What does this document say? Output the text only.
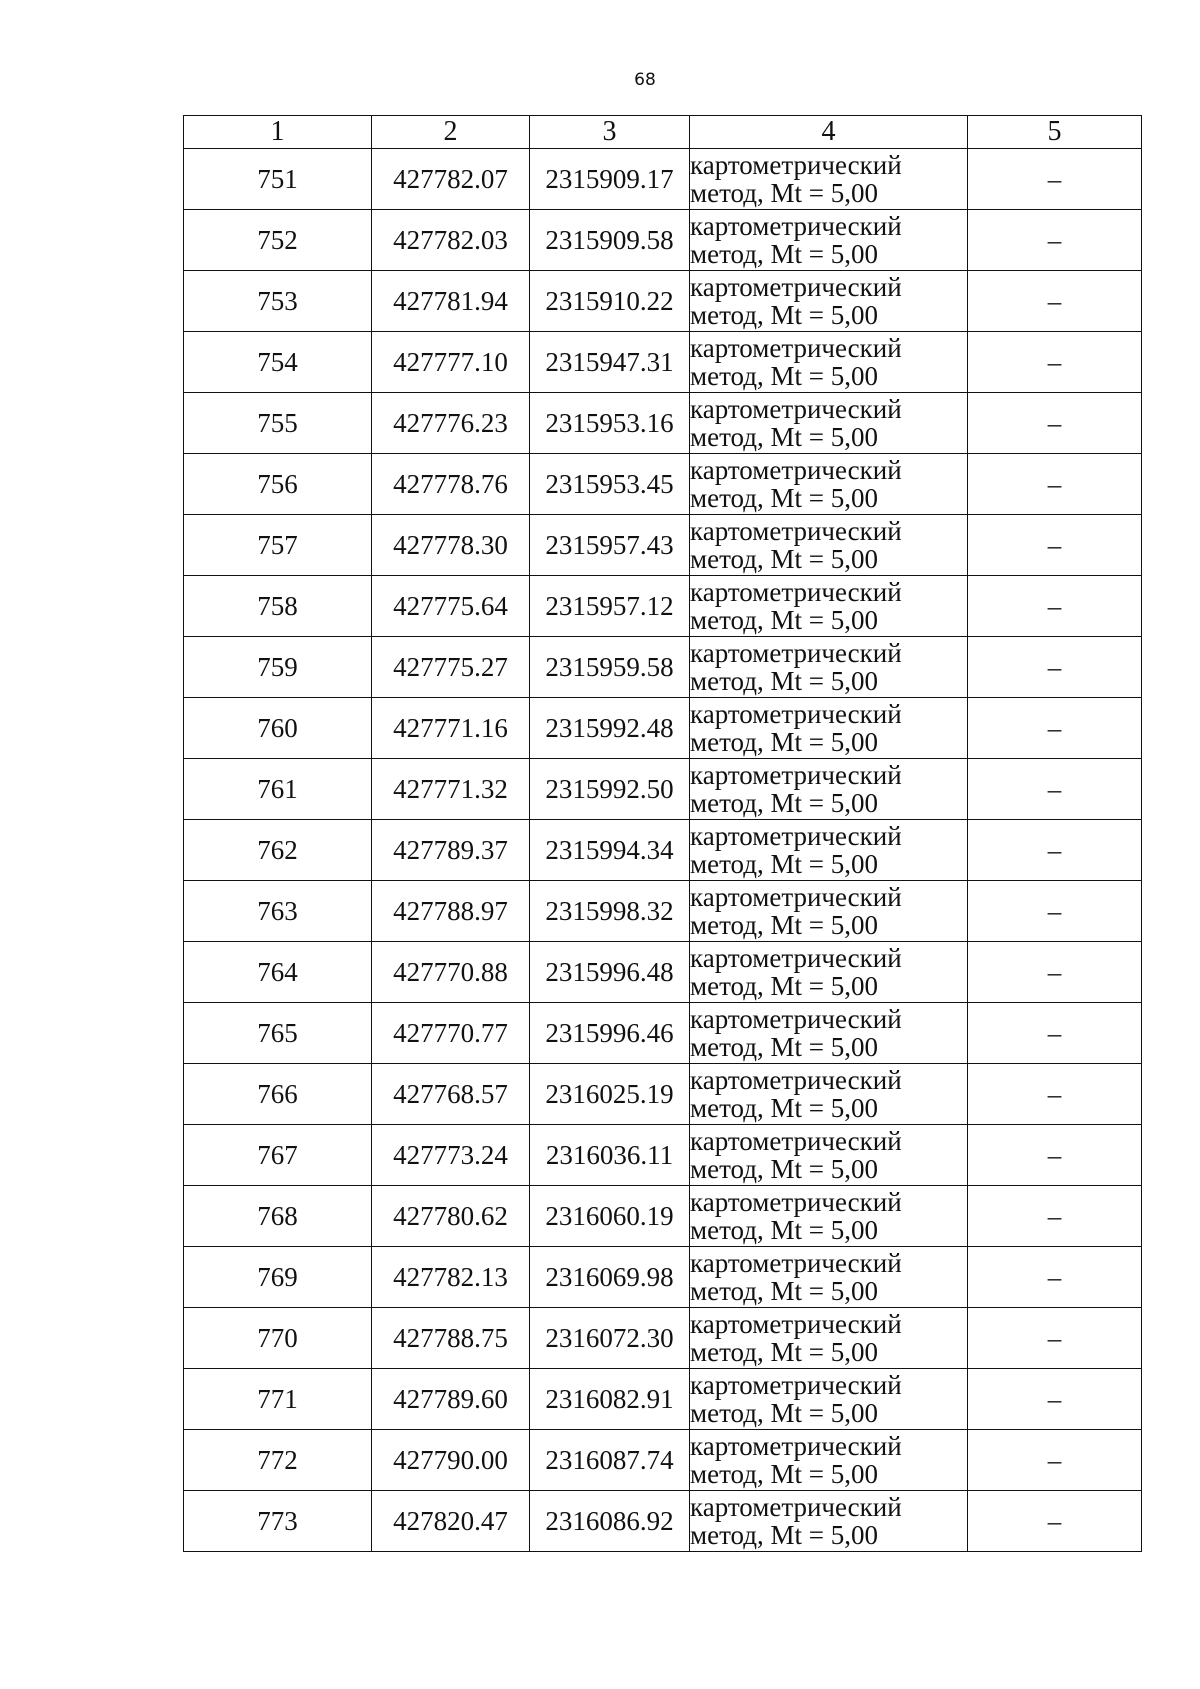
68
1	2	3	4	5
751	427782.07	2315909.17	картометрический
метод, Mt = 5,00	–
752	427782.03	2315909.58	картометрический
метод, Mt = 5,00	–
753	427781.94	2315910.22	картометрический
метод, Mt = 5,00	–
754	427777.10	2315947.31	картометрический
метод, Mt = 5,00	–
755	427776.23	2315953.16	картометрический
метод, Mt = 5,00	–
756	427778.76	2315953.45	картометрический
метод, Mt = 5,00	–
757	427778.30	2315957.43	картометрический
метод, Mt = 5,00	–
758	427775.64	2315957.12	картометрический
метод, Mt = 5,00	–
759	427775.27	2315959.58	картометрический
метод, Mt = 5,00	–
760	427771.16	2315992.48	картометрический
метод, Mt = 5,00	–
761	427771.32	2315992.50	картометрический
метод, Mt = 5,00	–
762	427789.37	2315994.34	картометрический
метод, Mt = 5,00	–
763	427788.97	2315998.32	картометрический
метод, Mt = 5,00	–
764	427770.88	2315996.48	картометрический
метод, Mt = 5,00	–
765	427770.77	2315996.46	картометрический
метод, Mt = 5,00	–
766	427768.57	2316025.19	картометрический
метод, Mt = 5,00	–
767	427773.24	2316036.11	картометрический
метод, Mt = 5,00	–
768	427780.62	2316060.19	картометрический
метод, Mt = 5,00	–
769	427782.13	2316069.98	картометрический
метод, Mt = 5,00	–
770	427788.75	2316072.30	картометрический
метод, Mt = 5,00	–
771	427789.60	2316082.91	картометрический
метод, Mt = 5,00	–
772	427790.00	2316087.74	картометрический
метод, Mt = 5,00	–
773	427820.47	2316086.92	картометрический
метод, Mt = 5,00	–
